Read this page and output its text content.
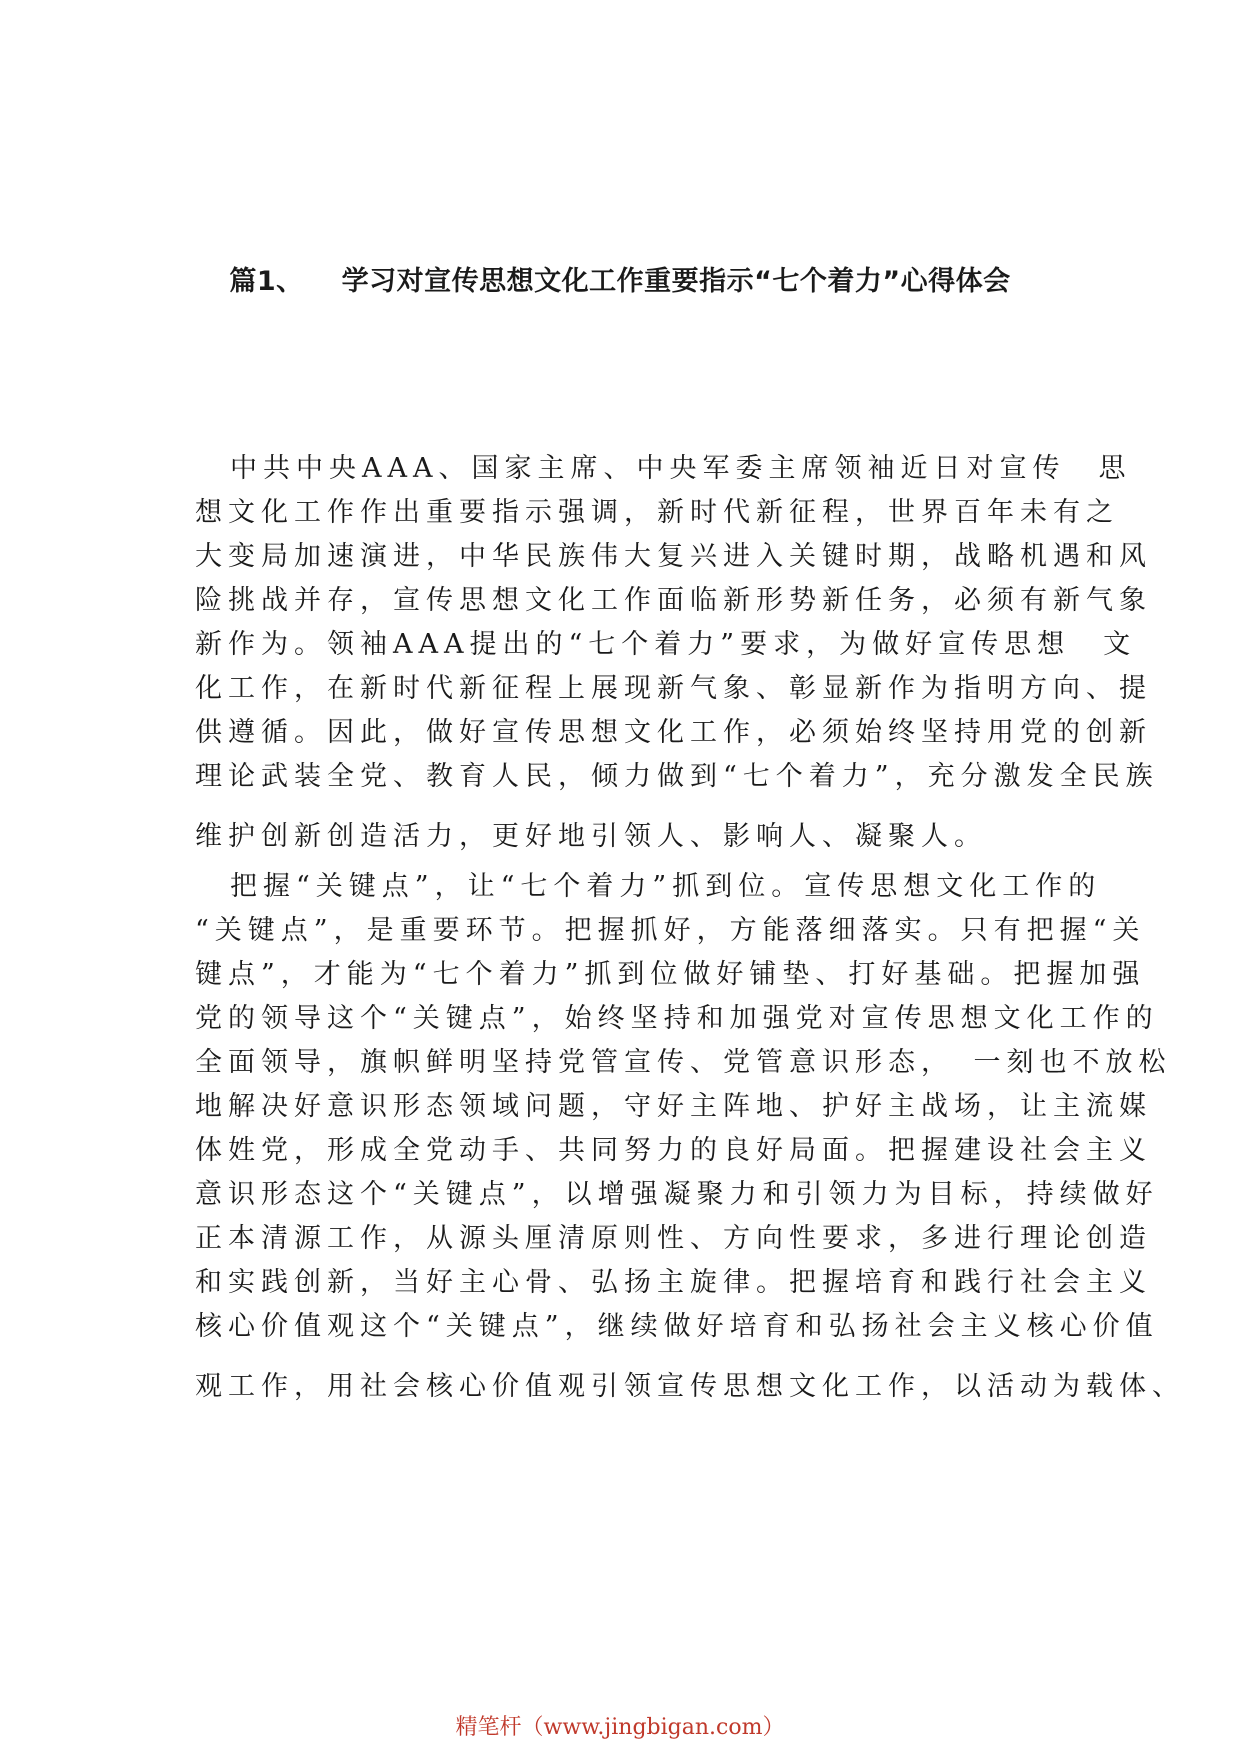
篇1、 学习对宣传思想文化工作重要指示“七个着力”心得体会
中共中央AAA、国家主席、中央军委主席领袖近日对宣传　思
想文化工作作出重要指示强调，新时代新征程，世界百年未有之
大变局加速演进，中华民族伟大复兴进入关键时期，战略机遇和风
险挑战并存，宣传思想文化工作面临新形势新任务，必须有新气象
新作为。领袖AAA提出的“七个着力”要求，为做好宣传思想　文
化工作，在新时代新征程上展现新气象、彰显新作为指明方向、提
供遵循。因此，做好宣传思想文化工作，必须始终坚持用党的创新
理论武装全党、教育人民，倾力做到“七个着力”，充分激发全民族
维护创新创造活力，更好地引领人、影响人、凝聚人。
把握“关键点”，让“七个着力”抓到位。宣传思想文化工作的
“关键点”，是重要环节。把握抓好，方能落细落实。只有把握“关
键点”，才能为“七个着力”抓到位做好铺垫、打好基础。把握加强
党的领导这个“关键点”，始终坚持和加强党对宣传思想文化工作的
全面领导，旗帜鲜明坚持党管宣传、党管意识形态，　一刻也不放松
地解决好意识形态领域问题，守好主阵地、护好主战场，让主流媒
体姓党，形成全党动手、共同努力的良好局面。把握建设社会主义
意识形态这个“关键点”，以增强凝聚力和引领力为目标，持续做好
正本清源工作，从源头厘清原则性、方向性要求，多进行理论创造
和实践创新，当好主心骨、弘扬主旋律。把握培育和践行社会主义
核心价值观这个“关键点”，继续做好培育和弘扬社会主义核心价值
观工作，用社会核心价值观引领宣传思想文化工作，以活动为载体、
精笔杆（www.jingbigan.com）
